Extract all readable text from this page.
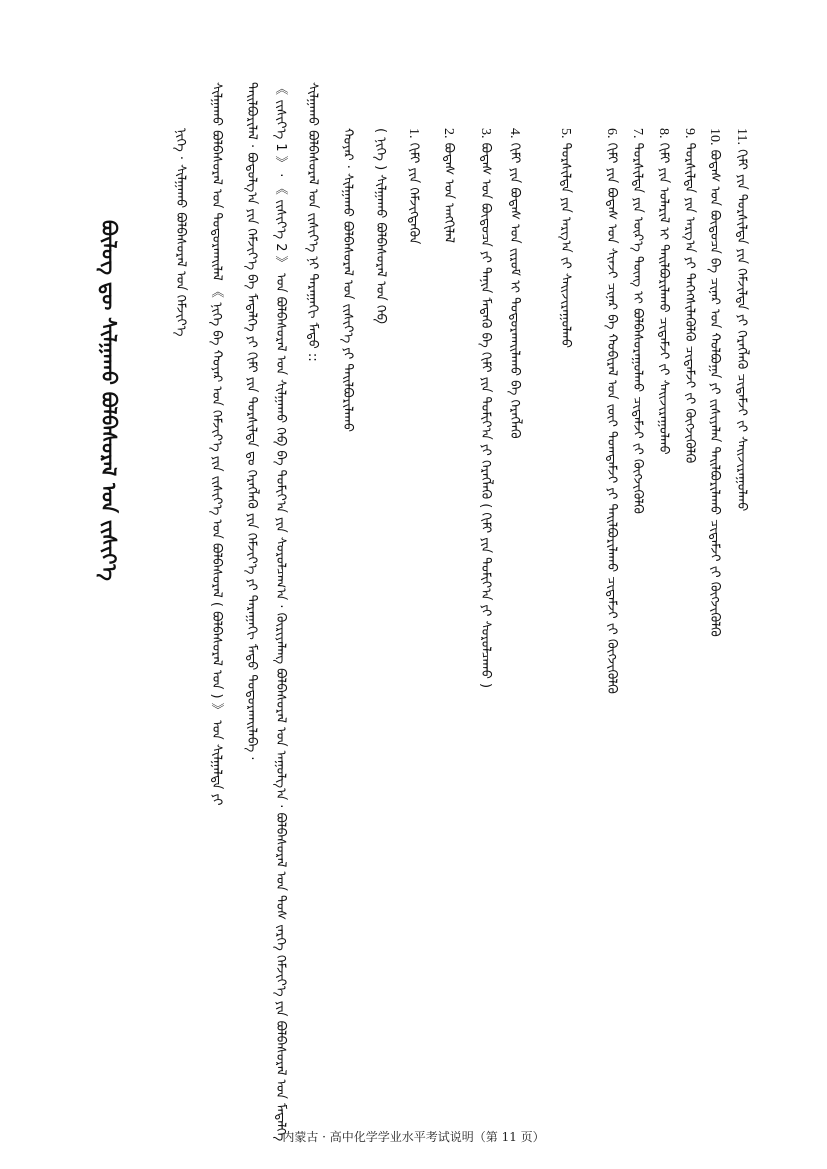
11. ᠬᠢᠮᠢ ᠶᠢᠨ ᠲᠤᠷᠰᠢᠯᠲᠠ ᠶᠢᠨ ᠬᠡᠮᠵᠢᠯᠲᠡ ᠶᠢ ᠬᠡᠷᠡᠭᠯᠡᠬᠦ ᠴᠢᠳᠠᠮᠵᠢ ᠵᠢ ᠰᠠᠢᠵᠢᠷᠠᠭᠤᠯᠬᠤ
10. ᠪᠣᠳᠠᠰ ᠤᠨ ᠪᠦᠲᠦᠴᠡ ᠪᠠ ᠴᠢᠨᠠᠷ ᠤᠨ ᠬᠣᠯᠪᠣᠭᠠ ᠶᠢ ᠵᠢᠱᠢᠶᠡᠯᠡᠨ ᠲᠠᠢᠯᠪᠤᠷᠢᠯᠠᠬᠤ ᠴᠢᠳᠠᠮᠵᠢ ᠵᠢ ᠬᠥᠭᠵᠢᠭᠦᠯᠬᠦ
9. ᠲᠤᠷᠰᠢᠯᠲᠠ ᠶᠢᠨ ᠠᠷᠭ᠎ᠠ ᠶᠢ ᠳᠡᠭᠡᠭᠰᠢᠯᠡᠭᠦᠯᠬᠦ ᠴᠢᠳᠠᠮᠵᠢ ᠵᠢ ᠬᠥᠭᠵᠢᠭᠦᠯᠬᠦ
8. ᠬᠢᠮᠢ ᠶᠢᠨ ᠤᠯᠠᠷᠢᠯ ᠢ ᠲᠠᠢᠯᠪᠤᠷᠢᠯᠠᠬᠤ ᠴᠢᠳᠠᠮᠵᠢ ᠵᠢ ᠰᠠᠢᠵᠢᠷᠠᠭᠤᠯᠬᠤ
7. ᠲᠤᠷᠰᠢᠯᠲᠠ ᠶᠢᠨ ᠦᠷ᠎ᠡ ᠳᠦᠩ ᠢ ᠪᠣᠯᠪᠠᠰᠤᠷᠠᠭᠤᠯᠬᠤ ᠴᠢᠳᠠᠮᠵᠢ ᠵᠢ ᠬᠥᠭᠵᠢᠭᠦᠯᠬᠦ
6. ᠬᠢᠮᠢ ᠶᠢᠨ ᠪᠣᠳᠠᠰ ᠤᠨ ᠰᠢᠨᠵᠢ ᠴᠢᠨᠠᠷ ᠪᠠ ᠬᠤᠪᠢᠷᠠᠯ ᠤᠨ ᠵᠦᠢ ᠲᠣᠭᠲᠠᠮᠵᠢ ᠶᠢ ᠲᠠᠢᠯᠪᠤᠷᠢᠯᠠᠬᠤ ᠴᠢᠳᠠᠮᠵᠢ ᠵᠢ ᠬᠥᠭᠵᠢᠭᠦᠯᠬᠦ
5. ᠲᠤᠷᠰᠢᠯᠲᠠ ᠶᠢᠨ ᠠᠷᠭ᠎ᠠ ᠵᠢ ᠰᠠᠢᠵᠢᠷᠠᠭᠤᠯᠬᠤ
4. ᠬᠢᠮᠢ ᠶᠢᠨ ᠪᠣᠳᠠᠰ ᠤᠨ ᠵᠢᠷᠤᠮ ᠢ ᠲᠣᠳᠣᠷᠬᠠᠢᠯᠠᠬᠤ ᠪᠠ ᠬᠡᠷᠡᠭᠯᠡᠬᠦ
3. ᠪᠣᠳᠠᠰ ᠤᠨ ᠪᠦᠲᠦᠴᠡ ᠶᠢ ᠲᠠᠨᠢᠨ ᠮᠡᠳᠡᠬᠦ ᠪᠠ ᠬᠢᠮᠢ ᠶᠢᠨ ᠲᠣᠮᠢᠶ᠎ᠠ ᠶᠢ ᠬᠡᠷᠡᠭᠯᠡᠬᠦ ( ᠬᠢᠮᠢ ᠶᠢᠨ ᠲᠣᠮᠢᠶ᠎ᠠ ᠶᠢ ᠰᠤᠷᠤᠯᠴᠠᠬᠤ )
2. ᠪᠣᠳᠠᠰ ᠤᠨ ᠠᠩᠭᠢᠯᠠᠯ
1. ᠬᠢᠮᠢ ᠶᠢᠨ ᠬᠡᠮᠵᠢᠭᠳᠡᠬᠦᠨ
( ᠨᠢᠭᠡ ) ᠰᠢᠯᠭᠠᠬᠤ ᠪᠣᠯᠪᠠᠰᠤᠷᠠᠯ ᠤᠨ ᠬᠡᠪ
ᠬᠣᠶᠠᠷ · ᠰᠢᠯᠭᠠᠬᠤ ᠪᠣᠯᠪᠠᠰᠤᠷᠠᠯ ᠤᠨ ᠵᠢᠱᠢᠶ᠎ᠡ ᠶᠢ ᠲᠠᠢᠯᠪᠤᠷᠢᠯᠠᠬᠤ
ᠰᠢᠯᠭᠠᠬᠤ ᠪᠣᠯᠪᠠᠰᠤᠷᠠᠯ ᠤᠨ ᠵᠢᠱᠢᠶ᠎ᠡ ᠨᠢ ᠳᠠᠷᠠᠭᠠᠬᠢ ᠮᠠᠲᠤ ::
《 ᠵᠢᠱᠢᠶ᠎ᠡ 1 》 · 《 ᠵᠢᠱᠢᠶ᠎ᠡ 2 》 ᠤᠨ ᠪᠣᠯᠪᠠᠰᠤᠷᠠᠯ ᠤᠨ ᠰᠢᠯᠭᠠᠬᠤ ᠬᠡᠪ ᠪᠠ ᠲᠣᠮᠢᠶ᠎ᠠ ᠶᠢᠨ ᠰᠤᠷᠤᠯᠴᠠᠭ᠎ᠠ · ᠬᠦᠷᠢᠶᠡᠯᠡᠩ ᠪᠣᠯᠪᠠᠰᠤᠷᠠᠯ ᠤᠨ ᠠᠭᠤᠯᠭ᠎ᠠ · ᠪᠣᠯᠪᠠᠰᠤᠷᠠᠯ ᠤᠨ ᠲᠤᠰ ᠵᠡᠷᠭᠡ ᠬᠡᠮᠵᠢᠶ᠎ᠡ ᠶᠢᠨ ᠪᠣᠯᠪᠠᠰᠤᠷᠠᠯ ᠤᠨ ᠮᠡᠳᠡᠯᠭᠡ
ᠲᠠᠢᠯᠪᠤᠷᠢᠯᠠᠯ · ᠪᠣᠳᠣᠯᠭ᠎ᠠ ᠶᠢᠨ ᠬᠡᠮᠵᠢᠶ᠎ᠡ ᠪᠠ ᠮᠡᠳᠡᠯᠭᠡ ᠶᠢ ᠬᠢᠮᠢ ᠶᠢᠨ ᠲᠤᠷᠰᠢᠯᠲᠠ ᠳᠤ ᠬᠡᠷᠡᠭᠯᠡᠬᠦ ᠶᠢᠨ ᠬᠡᠮᠵᠢᠶ᠎ᠡ ᠶᠢ ᠳᠠᠷᠠᠭᠠᠬᠢ ᠮᠠᠲᠤ ᠲᠣᠳᠣᠷᠬᠠᠢᠯᠠᠪᠠ ·
ᠰᠢᠯᠭᠠᠬᠤ ᠪᠣᠯᠪᠠᠰᠤᠷᠠᠯ ᠤᠨ ᠲᠣᠳᠣᠷᠬᠠᠢᠯᠠᠯ 《 ᠨᠢᠭᠡ ᠪᠠ ᠬᠣᠶᠠᠷ ᠤᠨ ᠬᠡᠮᠵᠢᠶ᠎ᠡ ᠶᠢᠨ ᠵᠢᠱᠢᠶ᠎ᠡ ᠤᠨ ᠪᠣᠯᠪᠠᠰᠤᠷᠠᠯ ( ᠪᠣᠯᠪᠠᠰᠤᠷᠠᠯ ᠤᠨ ) 》 ᠤᠨ ᠰᠢᠯᠭᠠᠯᠲᠠ ᠶᠢ
ᠨᠢᠭᠡ · ᠰᠢᠯᠭᠠᠬᠤ ᠪᠣᠯᠪᠠᠰᠤᠷᠠᠯ ᠤᠨ ᠬᠡᠮᠵᠢᠶ᠎ᠡ
ᠪᠦᠯᠦᠭ ᠳᠦ ᠰᠢᠯᠭᠠᠬᠤ ᠪᠣᠯᠪᠠᠰᠤᠷᠠᠯ ᠤᠨ ᠵᠢᠱᠢᠶ᠎ᠡ
内蒙古 · 高中化学学业水平考试说明（第 11 页）
